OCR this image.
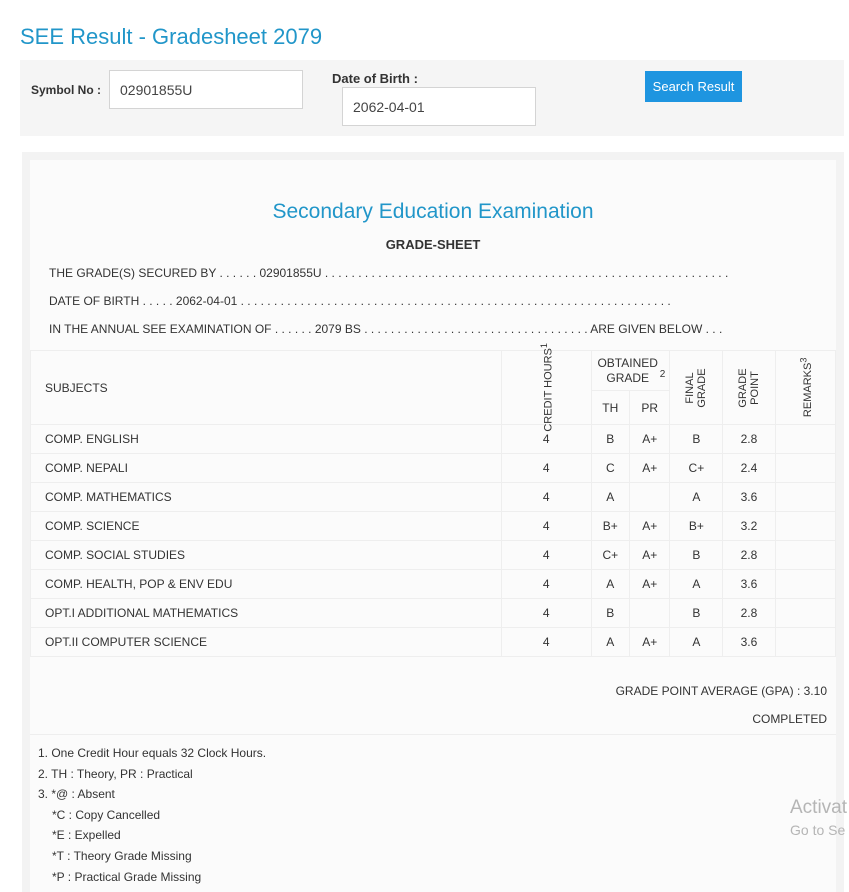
SEE Result - Gradesheet 2079
Symbol No :
02901855U
Date of Birth :
2062-04-01
Search Result
Secondary Education Examination
GRADE-SHEET
THE GRADE(S) SECURED BY . . . . . . 02901855U . . . . . . . . . . . . . . . . . . . . . . . . . . . . . . . . . . . . . . . . . . . . . . . . . . . . . . . . . . . . .
DATE OF BIRTH . . . . . 2062-04-01 . . . . . . . . . . . . . . . . . . . . . . . . . . . . . . . . . . . . . . . . . . . . . . . . . . . . . . . . . . . . . . . . .
IN THE ANNUAL SEE EXAMINATION OF . . . . . . 2079 BS . . . . . . . . . . . . . . . . . . . . . . . . . . . . . . . . . . ARE GIVEN BELOW . . .
SUBJECTS	CREDIT HOURS$^1$	OBTAINED GRADE $^2$		FINAL GRADE	GRADE POINT	REMARKS$^3$
		TH	PR			
COMP. ENGLISH	4	B	A+	B	2.8	
COMP. NEPALI	4	C	A+	C+	2.4	
COMP. MATHEMATICS	4	A		A	3.6	
COMP. SCIENCE	4	B+	A+	B+	3.2	
COMP. SOCIAL STUDIES	4	C+	A+	B	2.8	
COMP. HEALTH, POP & ENV EDU	4	A	A+	A	3.6	
OPT.I ADDITIONAL MATHEMATICS	4	B		B	2.8	
OPT.II COMPUTER SCIENCE	4	A	A+	A	3.6	
GRADE POINT AVERAGE (GPA) : 3.10
COMPLETED
1. One Credit Hour equals 32 Clock Hours.
2. TH : Theory, PR : Practical
3. *@ : Absent
*C : Copy Cancelled
*E : Expelled
*T : Theory Grade Missing
*P : Practical Grade Missing
Activat
Go to Se
